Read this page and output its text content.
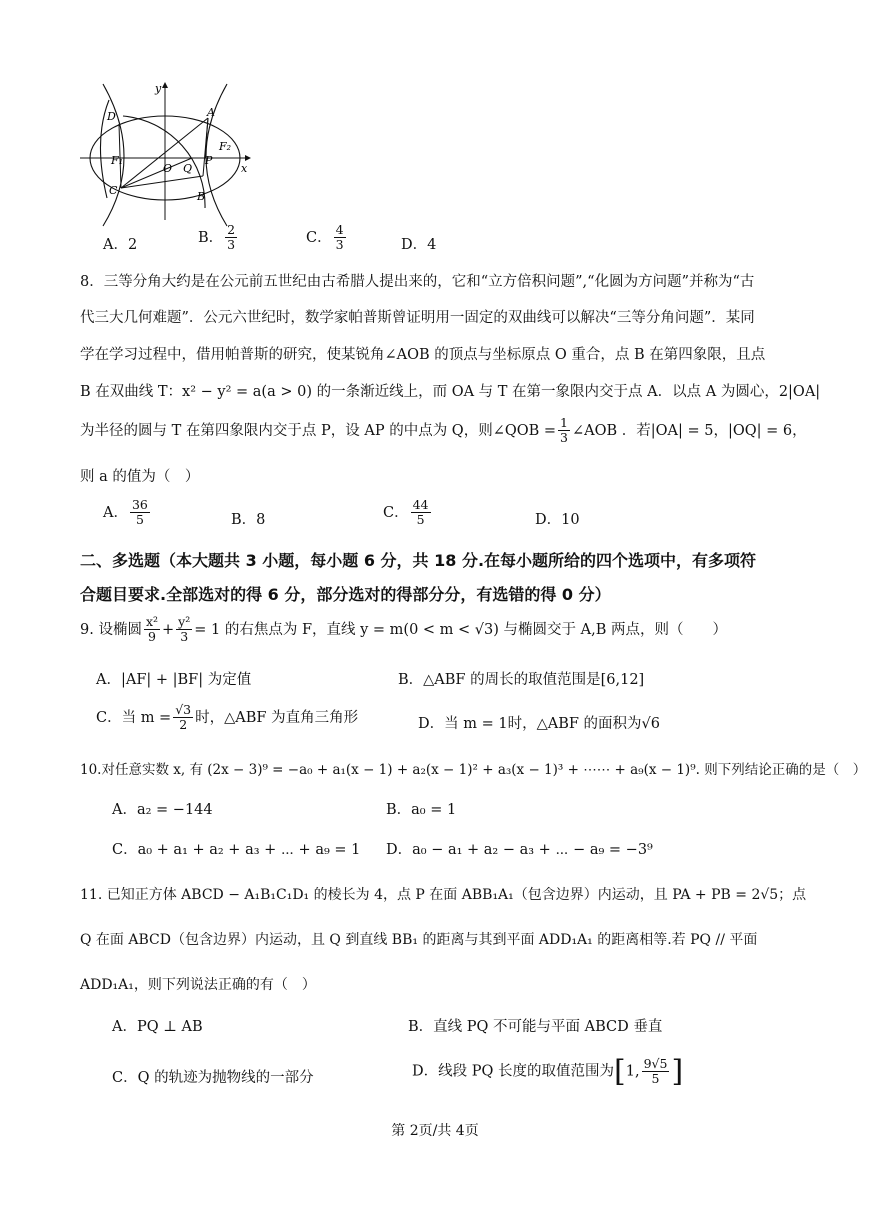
y
x
D	A
F₁
F₂
O Q
P
C	B
A．2	B． $\frac{2}{3}$	C． $\frac{4}{3}$	D．4
8．三等分角大约是在公元前五世纪由古希腊人提出来的，它和“立方倍积问题”,“化圆为方问题”并称为“古
代三大几何难题”．公元六世纪时，数学家帕普斯曾证明用一固定的双曲线可以解决“三等分角问题”．某同
学在学习过程中，借用帕普斯的研究，使某锐角∠AOB 的顶点与坐标原点 O 重合，点 B 在第四象限，且点
B 在双曲线 T：x² − y² = a(a > 0) 的一条渐近线上，而 OA 与 T 在第一象限内交于点 A．以点 A 为圆心，2|OA|
为半径的圆与 T 在第四象限内交于点 P，设 AP 的中点为 Q，则∠QOB = $\frac{1}{3}$ ∠AOB ．若|OA| = 5，|OQ| = 6，
则 a 的值为（　）
A． $\frac{36}{5}$	B．8	C． $\frac{44}{5}$	D．10
二、多选题（本大题共 3 小题，每小题 6 分，共 18 分.在每小题所给的四个选项中，有多项符
合题目要求.全部选对的得 6 分，部分选对的得部分分，有选错的得 0 分）
9. 设椭圆 $\frac{\text{x²}}{9} + \frac{\text{y²}}{3} = 1$ 的右焦点为 F，直线 y = m(0 < m < √3) 与椭圆交于 A,B 两点，则（　　）
A．|AF| + |BF| 为定值	B．△ABF 的周长的取值范围是[6,12]
C．当 $m = \frac{√3}{2}$ 时，△ABF 为直角三角形	D．当 m = 1时，△ABF 的面积为√6
10.对任意实数 x, 有 (2x − 3)⁹ = −a₀ + a₁(x − 1) + a₂(x − 1)² + a₃(x − 1)³ + ⋯⋯ + a₉(x − 1)⁹. 则下列结论正确的是（　）
A．a₂ = −144	B．a₀ = 1
C．a₀ + a₁ + a₂ + a₃ + ⋯ + a₉ = 1 D．a₀ − a₁ + a₂ − a₃ + ⋯ − a₉ = −3⁹
11. 已知正方体 ABCD − A₁B₁C₁D₁ 的棱长为 4，点 P 在面 ABB₁A₁（包含边界）内运动，且 PA + PB = 2√5；点
Q 在面 ABCD（包含边界）内运动，且 Q 到直线 BB₁ 的距离与其到平面 ADD₁A₁ 的距离相等.若 PQ // 平面
ADD₁A₁，则下列说法正确的有（　）
A．PQ ⊥ AB	B．直线 PQ 不可能与平面 ABCD 垂直
C．Q 的轨迹为抛物线的一部分	D．线段 PQ 长度的取值范围为[1, $\frac{9√5}{5}$ ]
第 2页/共 4页
